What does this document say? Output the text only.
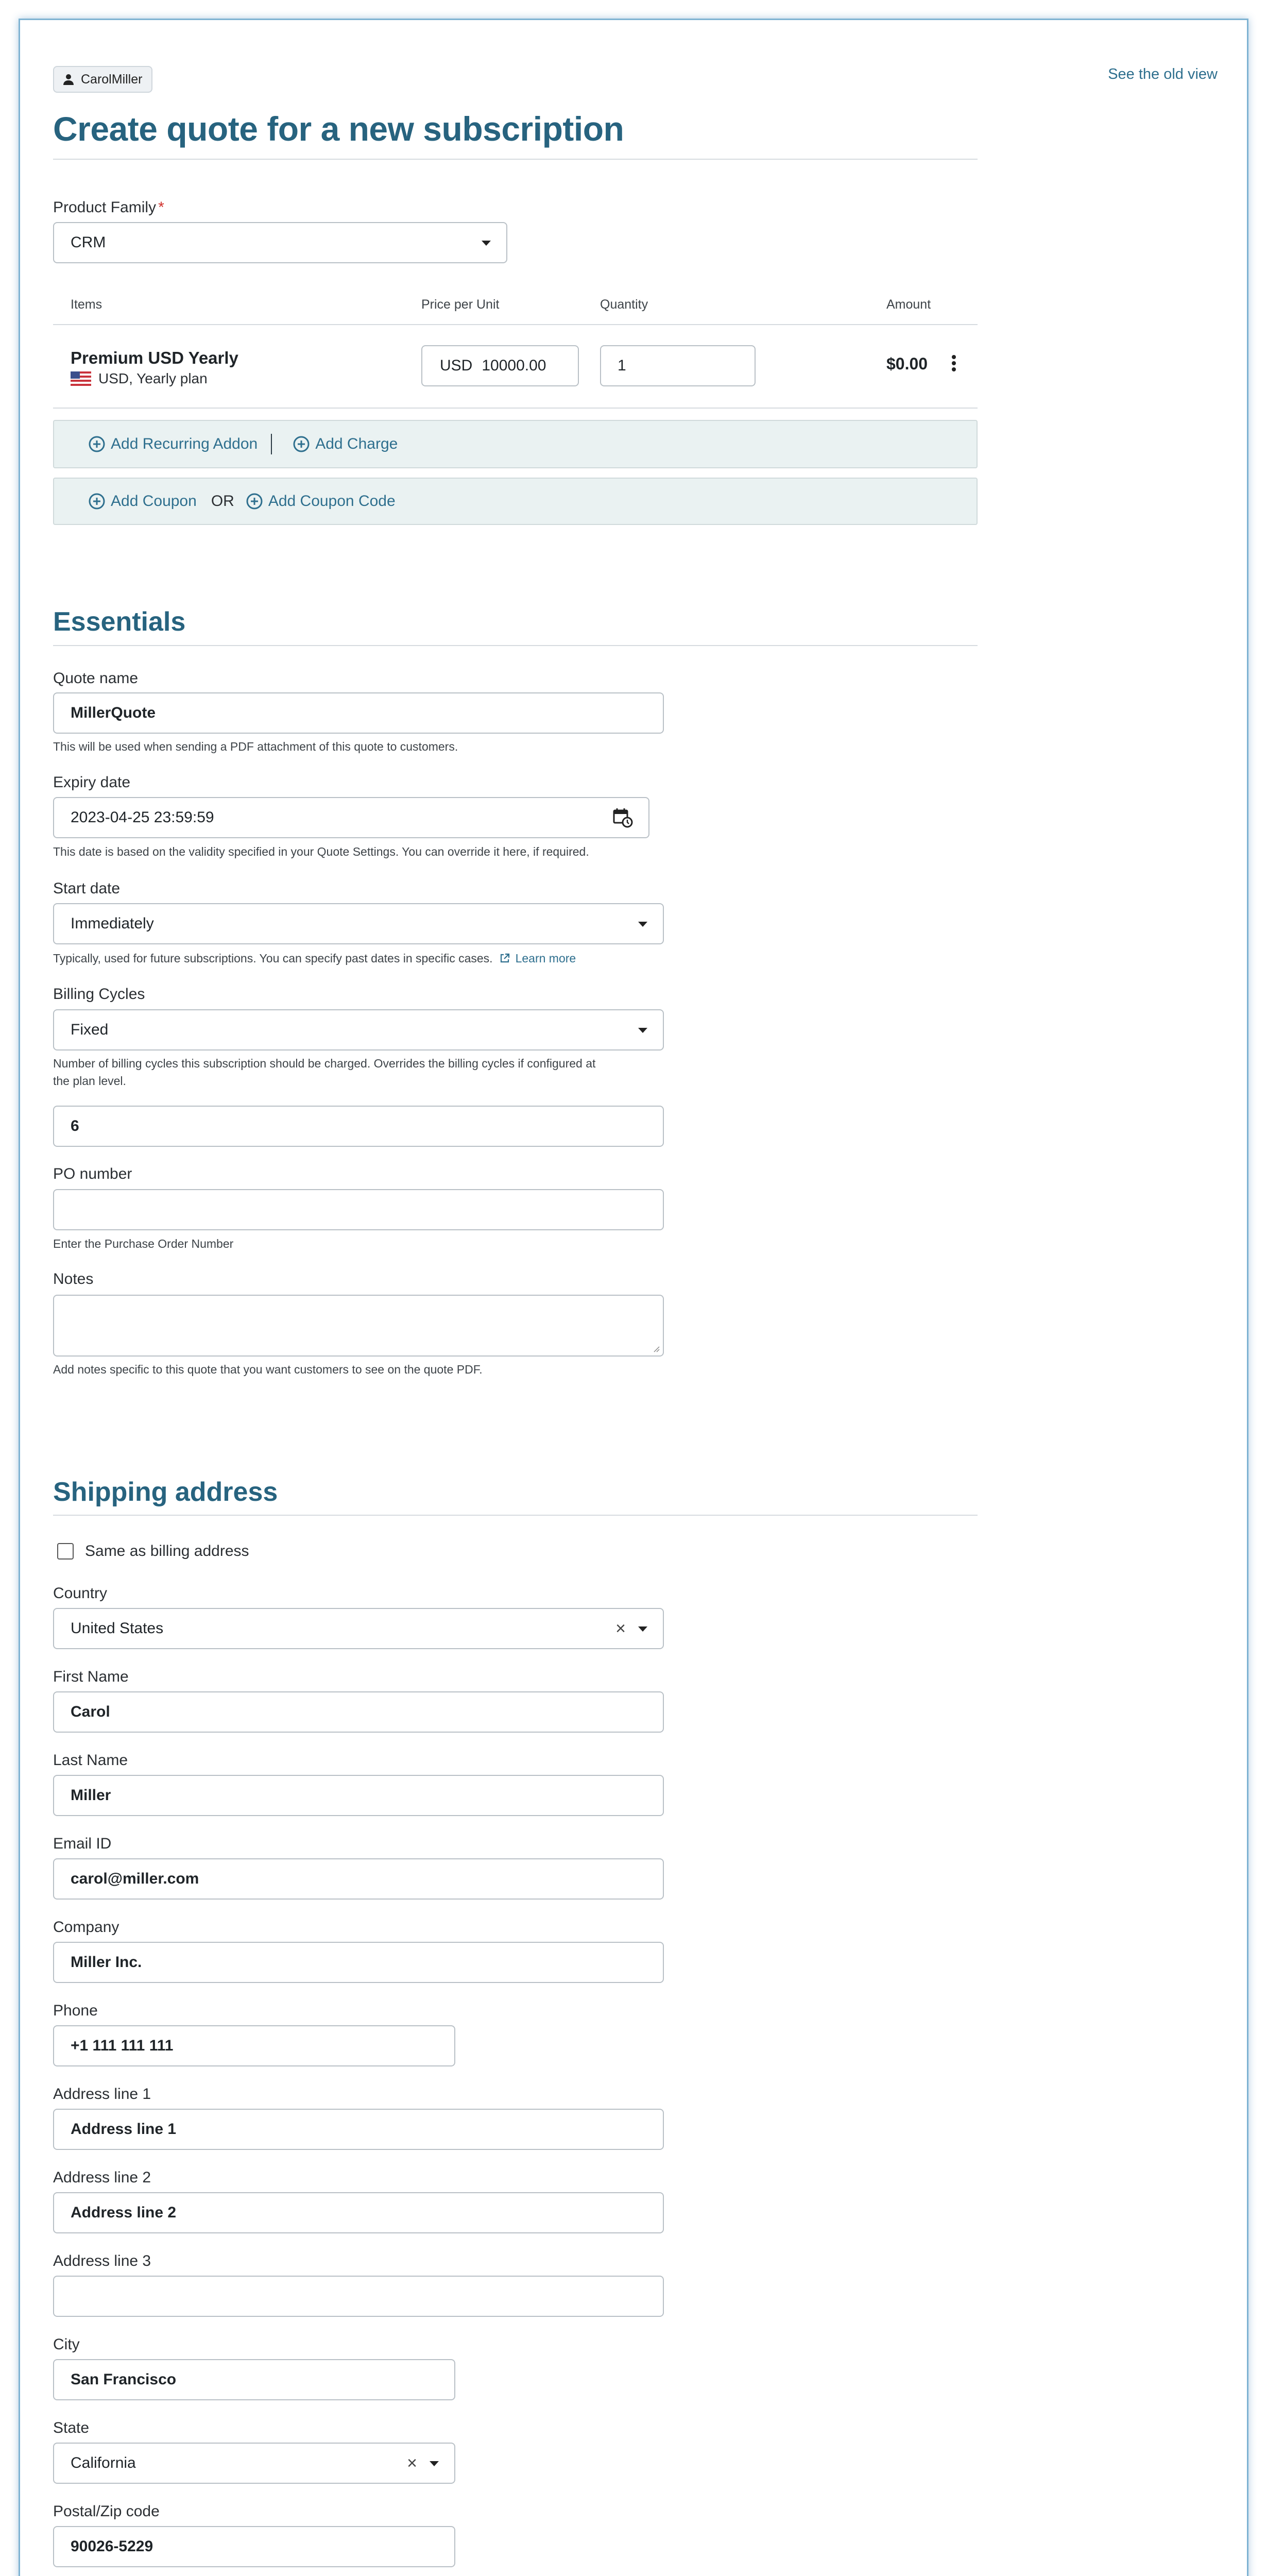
CarolMiller	See the old view
Create quote for a new subscription
Product Family *
CRM
Items	Price per Unit	Quantity	Amount
Premium USD Yearly
USD, Yearly plan
USD 10000.00	1	$0.00
Add Recurring Addon	Add Charge
Add Coupon OR Add Coupon Code
Essentials
Quote name
MillerQuote
This will be used when sending a PDF attachment of this quote to customers.
Expiry date
2023-04-25 23:59:59
This date is based on the validity specified in your Quote Settings. You can override it here, if required.
Start date
Immediately
Typically, used for future subscriptions. You can specify past dates in specific cases. Learn more
Billing Cycles
Fixed
Number of billing cycles this subscription should be charged. Overrides the billing cycles if configured at
the plan level.
6
PO number
Enter the Purchase Order Number
Notes
Add notes specific to this quote that you want customers to see on the quote PDF.
Shipping address
Same as billing address
Country
United States	×
First Name
Carol
Last Name
Miller
Email ID
carol@miller.com
Company
Miller Inc.
Phone
+1 111 111 111
Address line 1
Address line 1
Address line 2
Address line 2
Address line 3
City
San Francisco
State
California	×
Postal/Zip code
90026-5229
